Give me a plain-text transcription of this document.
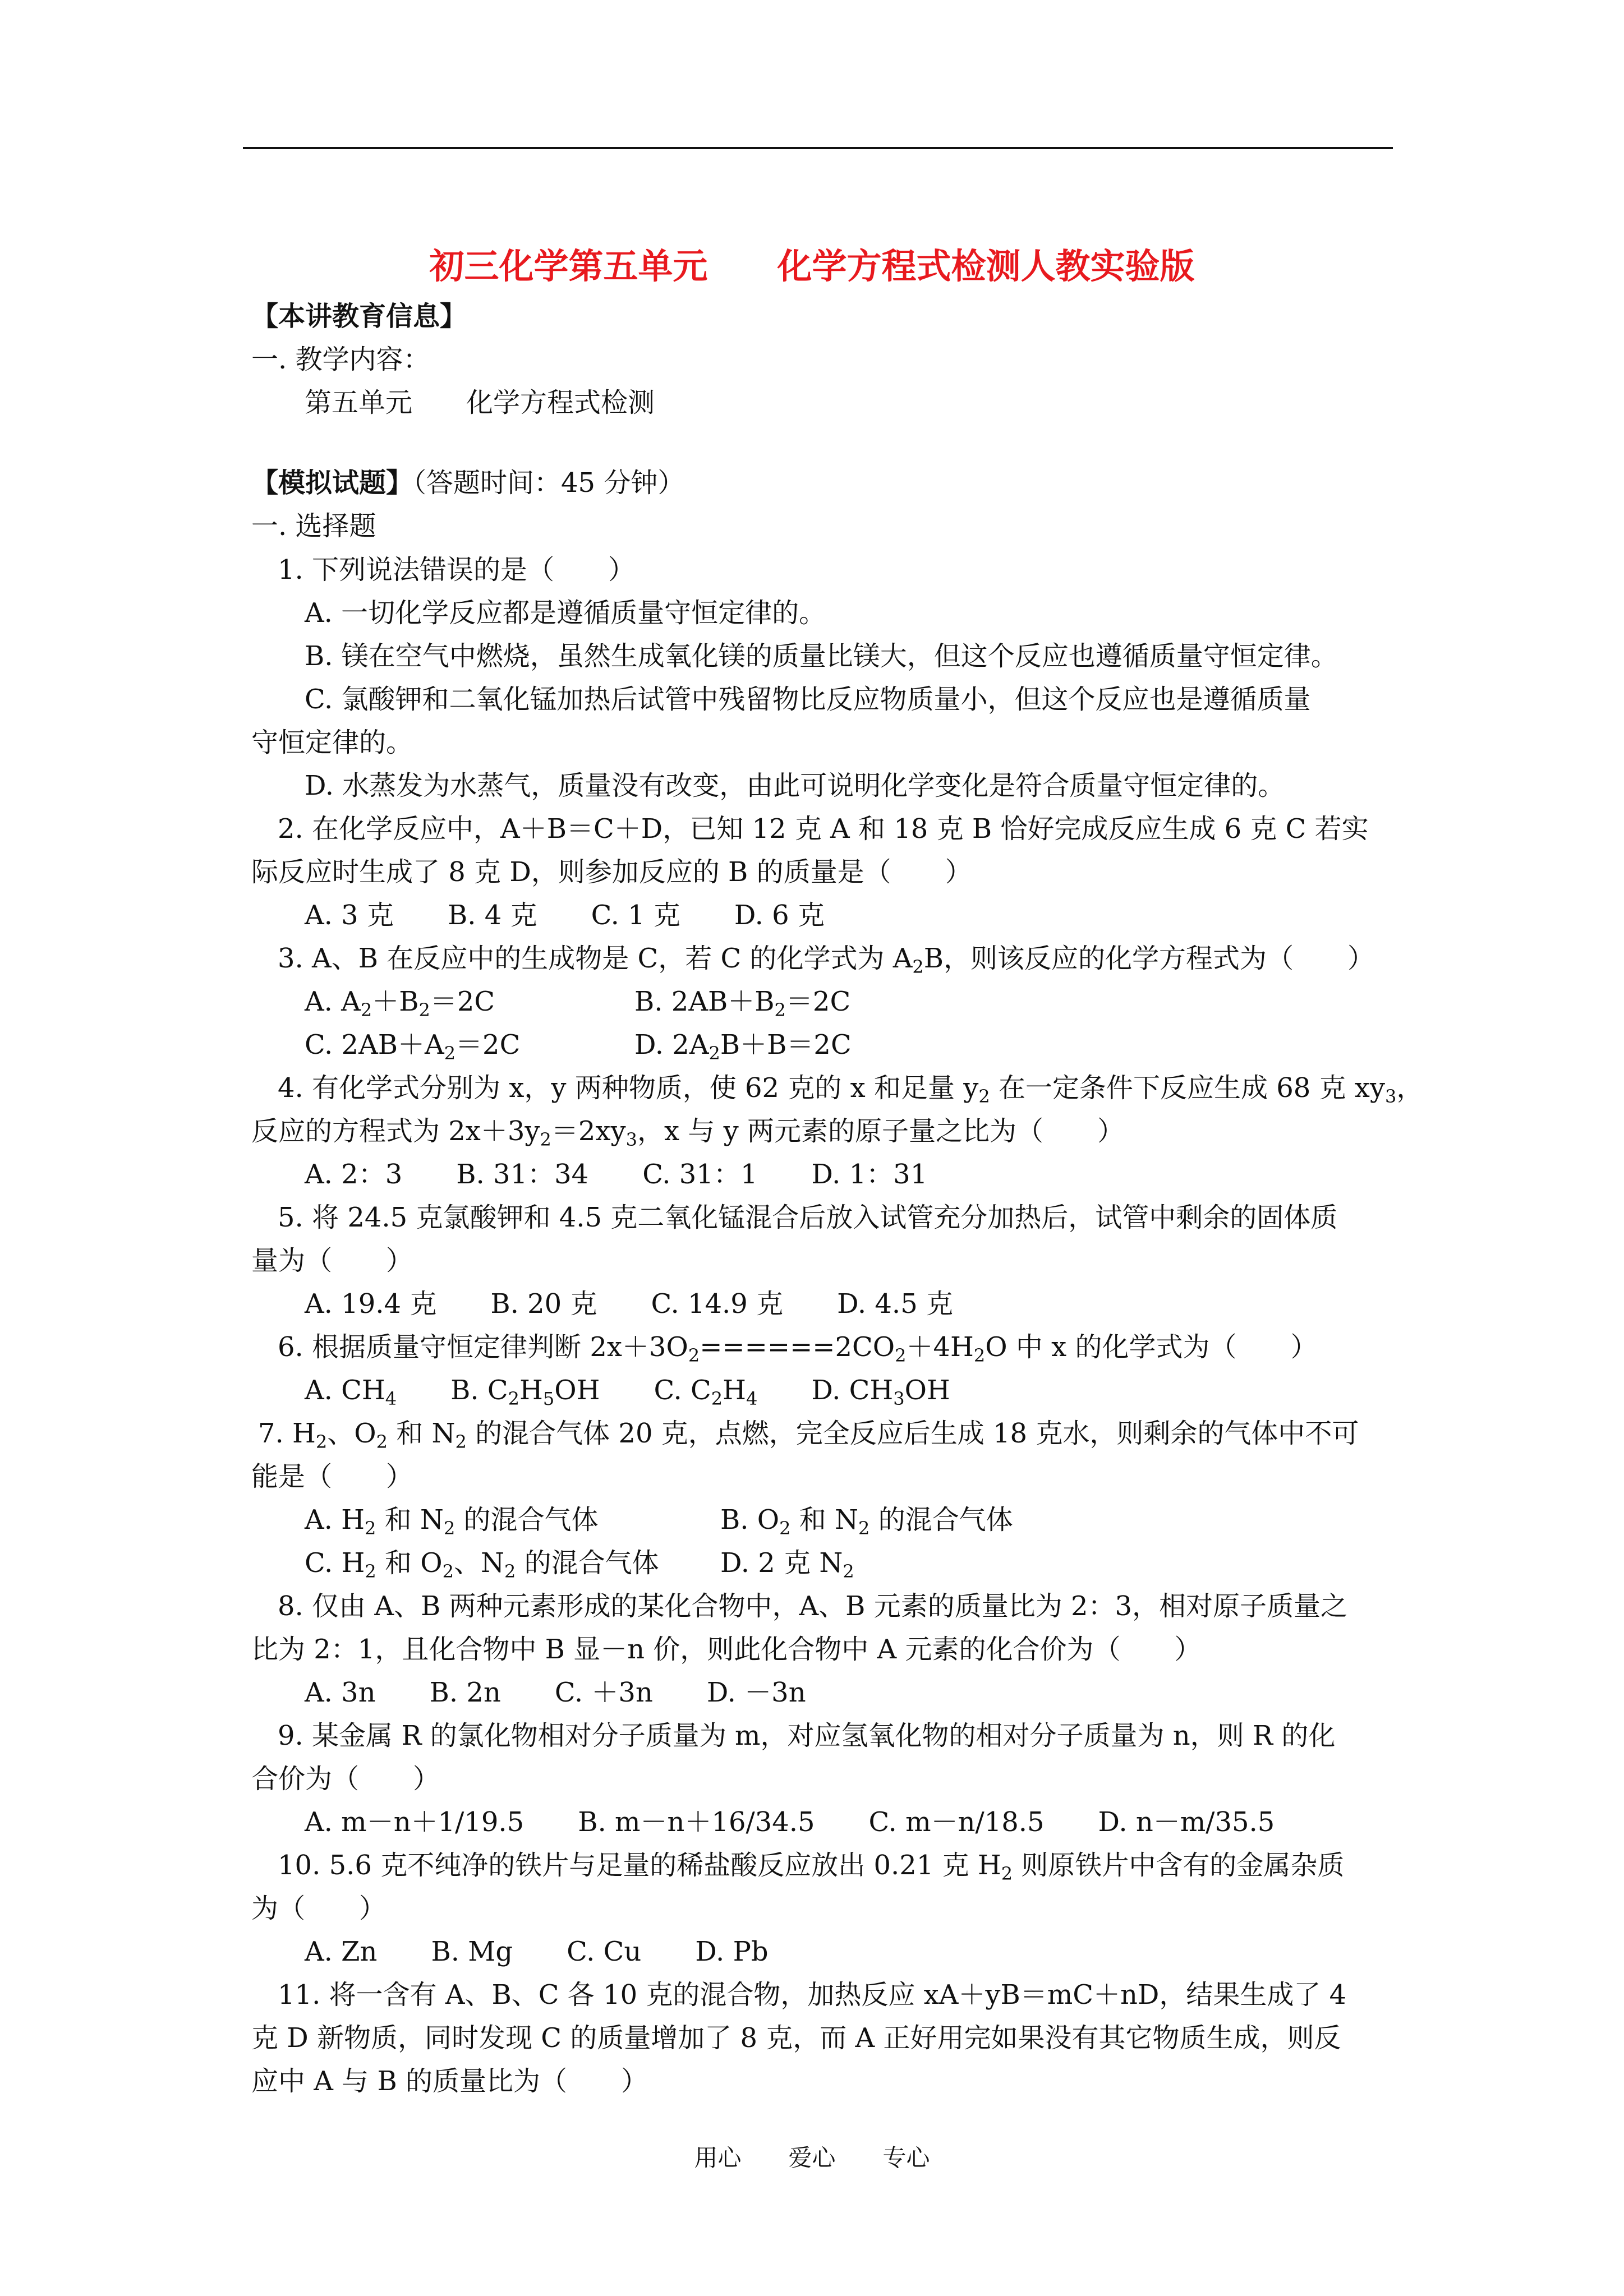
初三化学第五单元　　化学方程式检测人教实验版
【本讲教育信息】
一. 教学内容：
第五单元　　化学方程式检测
【模拟试题】（答题时间：45 分钟）
一. 选择题
1. 下列说法错误的是（　　）
A. 一切化学反应都是遵循质量守恒定律的。
B. 镁在空气中燃烧，虽然生成氧化镁的质量比镁大，但这个反应也遵循质量守恒定律。
C. 氯酸钾和二氧化锰加热后试管中残留物比反应物质量小，但这个反应也是遵循质量
守恒定律的。
D. 水蒸发为水蒸气，质量没有改变，由此可说明化学变化是符合质量守恒定律的。
2. 在化学反应中，A＋B＝C＋D，已知 12 克 A 和 18 克 B 恰好完成反应生成 6 克 C 若实
际反应时生成了 8 克 D，则参加反应的 B 的质量是（　　）
A. 3 克　　B. 4 克　　C. 1 克　　D. 6 克
3. A、B 在反应中的生成物是 C，若 C 的化学式为 $A_2B$，则该反应的化学方程式为（　　）
A. $A_2+B_2=2C$	B. $2AB+B_2=2C$
C. $2AB+A_2=2C$	D. $2A_2B+B=2C$
4. 有化学式分别为 x，y 两种物质，使 62 克的 x 和足量 $y_2$ 在一定条件下反应生成 68 克 $xy_3$，
反应的方程式为 $2x+3y_2=2xy_3$，x 与 y 两元素的原子量之比为（　　）
A. 2：3　　B. 31：34　　C. 31：1　　D. 1：31
5. 将 24.5 克氯酸钾和 4.5 克二氧化锰混合后放入试管充分加热后，试管中剩余的固体质
量为（　　）
A. 19.4 克　　B. 20 克　　C. 14.9 克　　D. 4.5 克
6. 根据质量守恒定律判断 $2x+3O_2======2CO_2+4H_2O$ 中 x 的化学式为（　　）
A. $CH_4$　　 B. $C_2H_5OH$　　 C. $C_2H_4$　　 D. $CH_3OH$
7. $H_2$、$O_2$ 和 $N_2$ 的混合气体 20 克，点燃，完全反应后生成 18 克水，则剩余的气体中不可
能是（　　）
A. $H_2$ 和 $N_2$ 的混合气体	B. $O_2$ 和 $N_2$ 的混合气体
C. $H_2$ 和 $O_2$、$N_2$ 的混合气体 D. 2 克 $N_2$
8. 仅由 A、B 两种元素形成的某化合物中，A、B 元素的质量比为 2：3，相对原子质量之
比为 2：1，且化合物中 B 显－n 价，则此化合物中 A 元素的化合价为（　　）
A. 3n　　B. 2n　　C. ＋3n　　D. －3n
9. 某金属 R 的氯化物相对分子质量为 m，对应氢氧化物的相对分子质量为 n，则 R 的化
合价为（　　）
A. m－n＋1/19.5　　B. m－n＋16/34.5　　C. m－n/18.5　　D. n－m/35.5
10. 5.6 克不纯净的铁片与足量的稀盐酸反应放出 0.21 克 $H_2$ 则原铁片中含有的金属杂质
为（　　）
A. Zn　　B. Mg　　C. Cu　　D. Pb
11. 将一含有 A、B、C 各 10 克的混合物，加热反应 xA＋yB＝mC＋nD，结果生成了 4
克 D 新物质，同时发现 C 的质量增加了 8 克，而 A 正好用完如果没有其它物质生成，则反
应中 A 与 B 的质量比为（　　）
用心　　爱心　　专心
